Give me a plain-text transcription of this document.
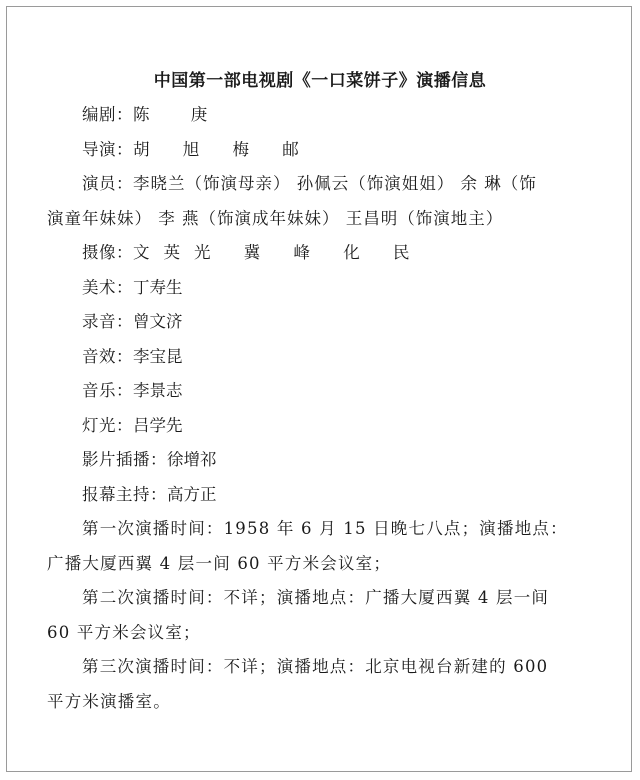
中国第一部电视剧《一口菜饼子》演播信息
编剧：陈 庚
导演：胡 旭 梅 邮
演员：李晓兰（饰演母亲） 孙佩云（饰演姐姐） 余 琳（饰
演童年妹妹） 李 燕（饰演成年妹妹） 王昌明（饰演地主）
摄像：文英光 冀 峰 化 民
美术：丁寿生
录音：曾文济
音效：李宝昆
音乐：李景志
灯光：吕学先
影片插播：徐增祁
报幕主持：高方正
第一次演播时间：1958 年 6 月 15 日晚七八点；演播地点：
广播大厦西翼 4 层一间 60 平方米会议室；
第二次演播时间：不详；演播地点：广播大厦西翼 4 层一间
60 平方米会议室；
第三次演播时间：不详；演播地点：北京电视台新建的 600
平方米演播室。
